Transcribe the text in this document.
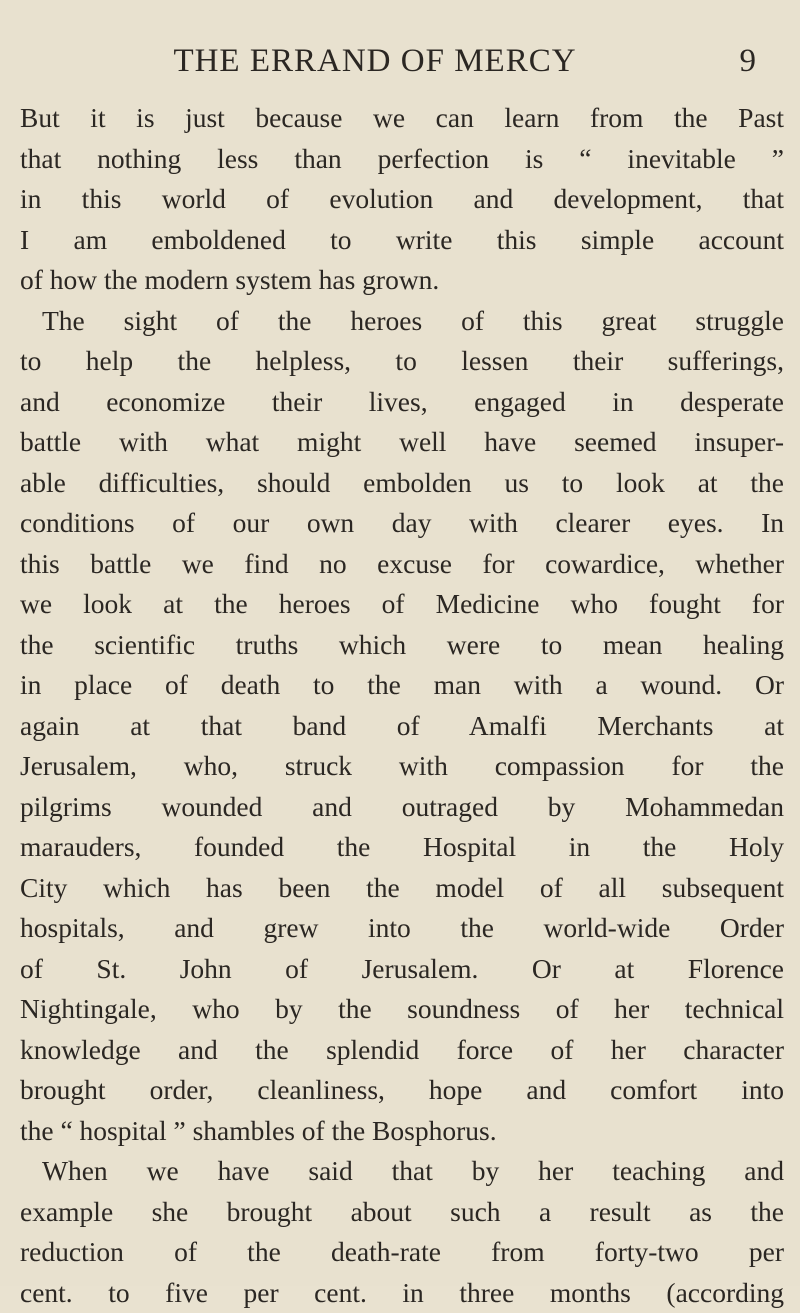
THE ERRAND OF MERCY	9
But it is just because we can learn from the Past
that nothing less than perfection is “ inevitable ”
in this world of evolution and development, that
I am emboldened to write this simple account
of how the modern system has grown.
The sight of the heroes of this great struggle
to help the helpless, to lessen their sufferings,
and economize their lives, engaged in desperate
battle with what might well have seemed insuper-
able difficulties, should embolden us to look at the
conditions of our own day with clearer eyes. In
this battle we find no excuse for cowardice, whether
we look at the heroes of Medicine who fought for
the scientific truths which were to mean healing
in place of death to the man with a wound. Or
again at that band of Amalfi Merchants at
Jerusalem, who, struck with compassion for the
pilgrims wounded and outraged by Mohammedan
marauders, founded the Hospital in the Holy
City which has been the model of all subsequent
hospitals, and grew into the world-wide Order
of St. John of Jerusalem. Or at Florence
Nightingale, who by the soundness of her technical
knowledge and the splendid force of her character
brought order, cleanliness, hope and comfort into
the “ hospital ” shambles of the Bosphorus.
When we have said that by her teaching and
example she brought about such a result as the
reduction of the death-rate from forty-two per
cent. to five per cent. in three months (according
